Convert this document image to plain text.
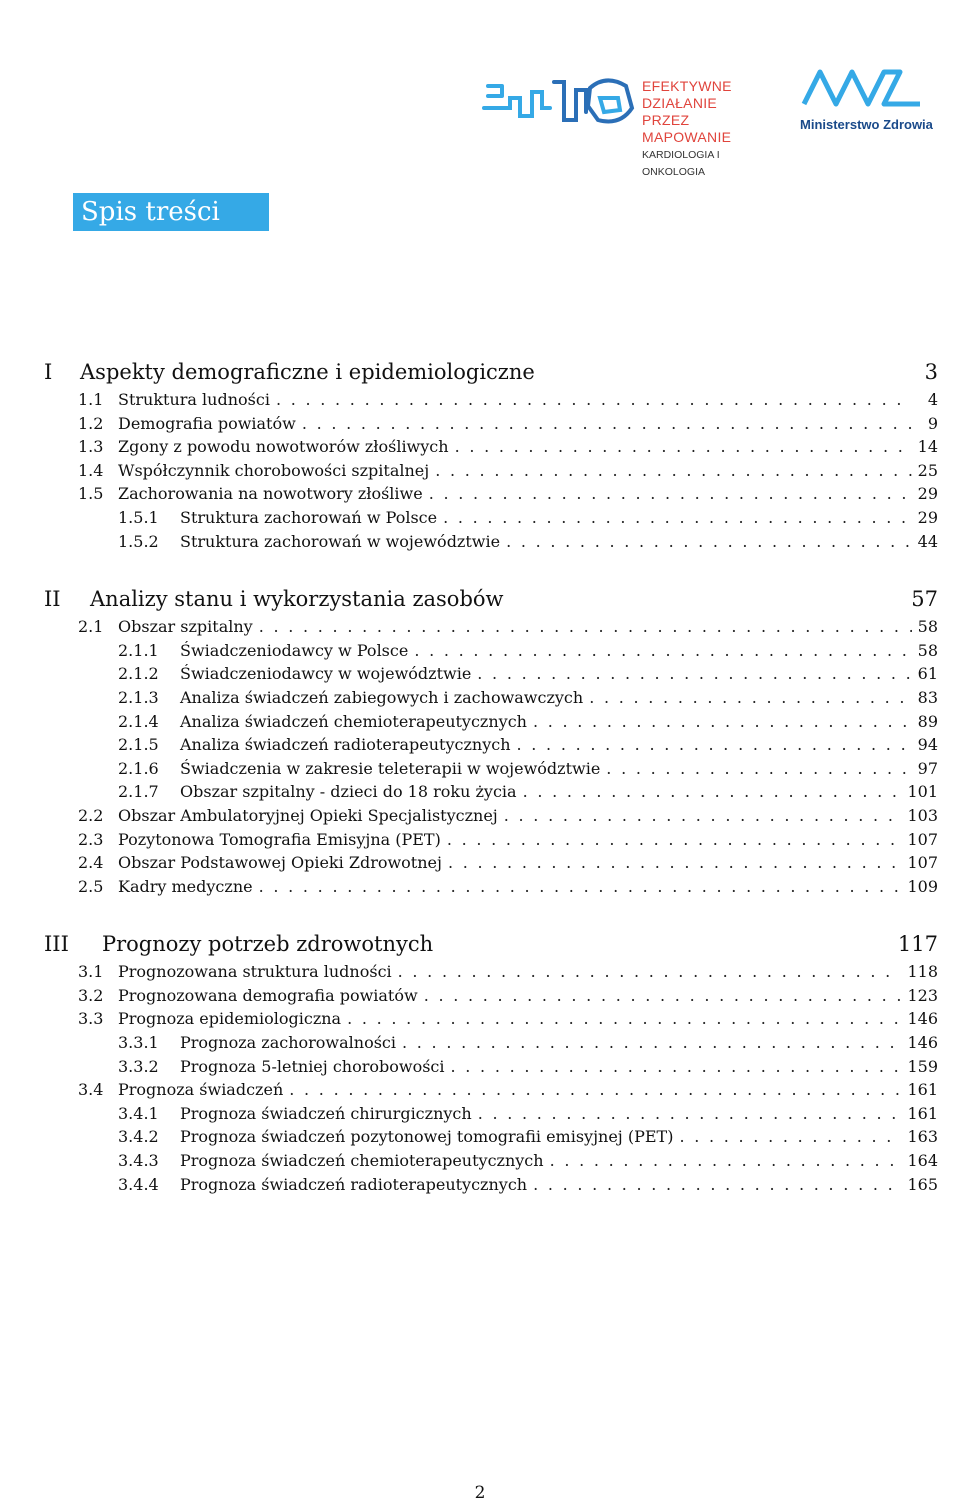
EFEKTYWNE DZIAŁANIE
PRZEZ MAPOWANIE
KARDIOLOGIA I ONKOLOGIA
Ministerstwo Zdrowia
Spis treści
I	Aspekty demograficzne i epidemiologiczne	3
1.1 Struktura ludności . . .	4
1.2 Demografia powiatów . . .	9
1.3 Zgony z powodu nowotworów złośliwych . . .	14
1.4 Współczynnik chorobowości szpitalnej . . .	25
1.5 Zachorowania na nowotwory złośliwe . . .	29
1.5.1	Struktura zachorowań w Polsce . . .	29
1.5.2	Struktura zachorowań w województwie . . .	44
II	Analizy stanu i wykorzystania zasobów	57
2.1 Obszar szpitalny . . .	58
2.1.1	Świadczeniodawcy w Polsce . . .	58
2.1.2	Świadczeniodawcy w województwie . . .	61
2.1.3	Analiza świadczeń zabiegowych i zachowawczych . . .	83
2.1.4	Analiza świadczeń chemioterapeutycznych . . .	89
2.1.5	Analiza świadczeń radioterapeutycznych . . .	94
2.1.6	Świadczenia w zakresie teleterapii w województwie . . .	97
2.1.7	Obszar szpitalny - dzieci do 18 roku życia . . .	101
2.2 Obszar Ambulatoryjnej Opieki Specjalistycznej . . .	103
2.3 Pozytonowa Tomografia Emisyjna (PET) . . .	107
2.4 Obszar Podstawowej Opieki Zdrowotnej . . .	107
2.5 Kadry medyczne . . .	109
III	Prognozy potrzeb zdrowotnych	117
3.1 Prognozowana struktura ludności . . .	118
3.2 Prognozowana demografia powiatów . . .	123
3.3 Prognoza epidemiologiczna . . .	146
3.3.1	Prognoza zachorowalności . . .	146
3.3.2	Prognoza 5-letniej chorobowości . . .	159
3.4 Prognoza świadczeń . . .	161
3.4.1	Prognoza świadczeń chirurgicznych . . .	161
3.4.2	Prognoza świadczeń pozytonowej tomografii emisyjnej (PET) . . .	163
3.4.3	Prognoza świadczeń chemioterapeutycznych . . .	164
3.4.4	Prognoza świadczeń radioterapeutycznych . . .	165
2
